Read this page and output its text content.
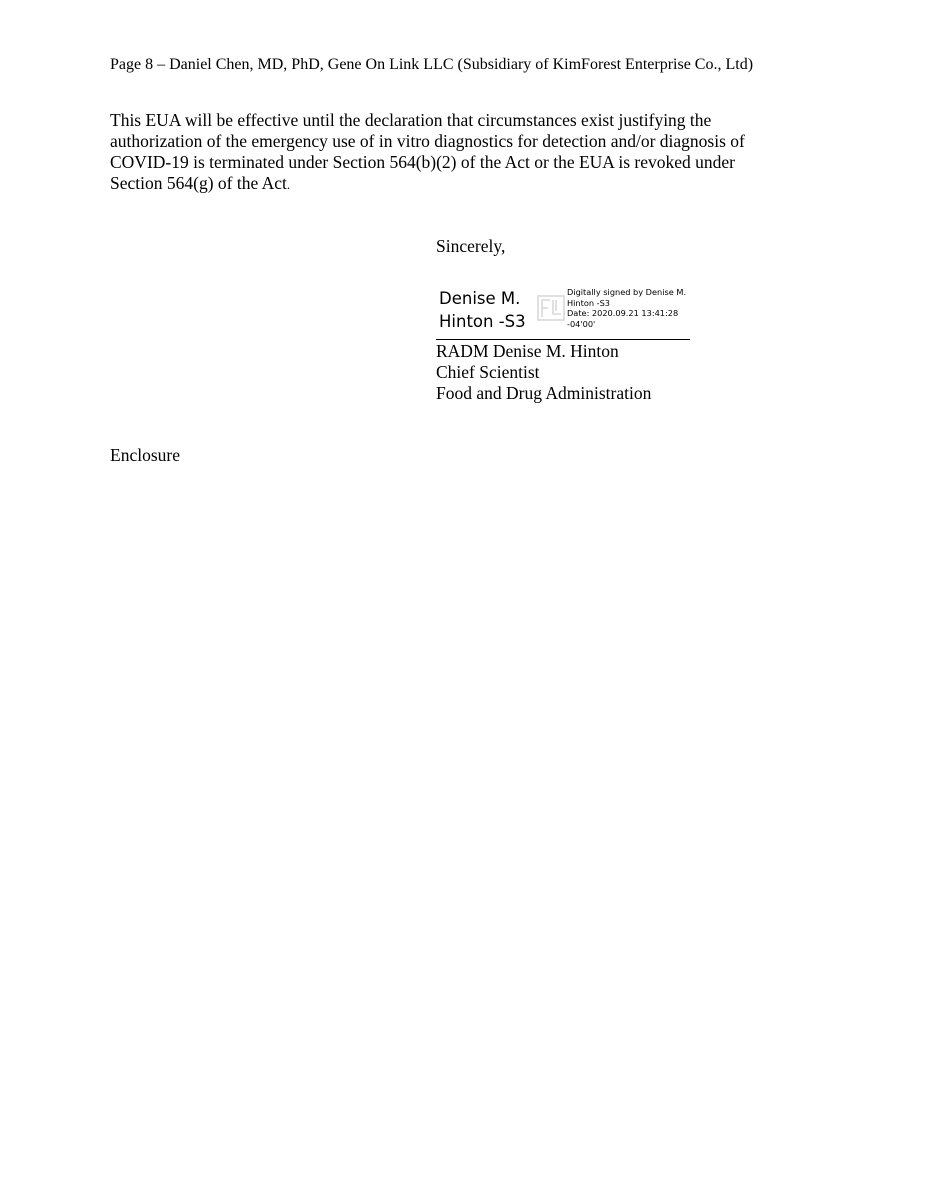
Page 8 – Daniel Chen, MD, PhD, Gene On Link LLC (Subsidiary of KimForest Enterprise Co., Ltd)

This EUA will be effective until the declaration that circumstances exist justifying the
authorization of the emergency use of in vitro diagnostics for detection and/or diagnosis of
COVID-19 is terminated under Section 564(b)(2) of the Act or the EUA is revoked under
Section 564(g) of the Act.

Sincerely,
Denise M.
Hinton -S3
Digitally signed by Denise M.
Hinton -S3
Date: 2020.09.21 13:41:28
-04'00'
RADM Denise M. Hinton
Chief Scientist
Food and Drug Administration
Enclosure
